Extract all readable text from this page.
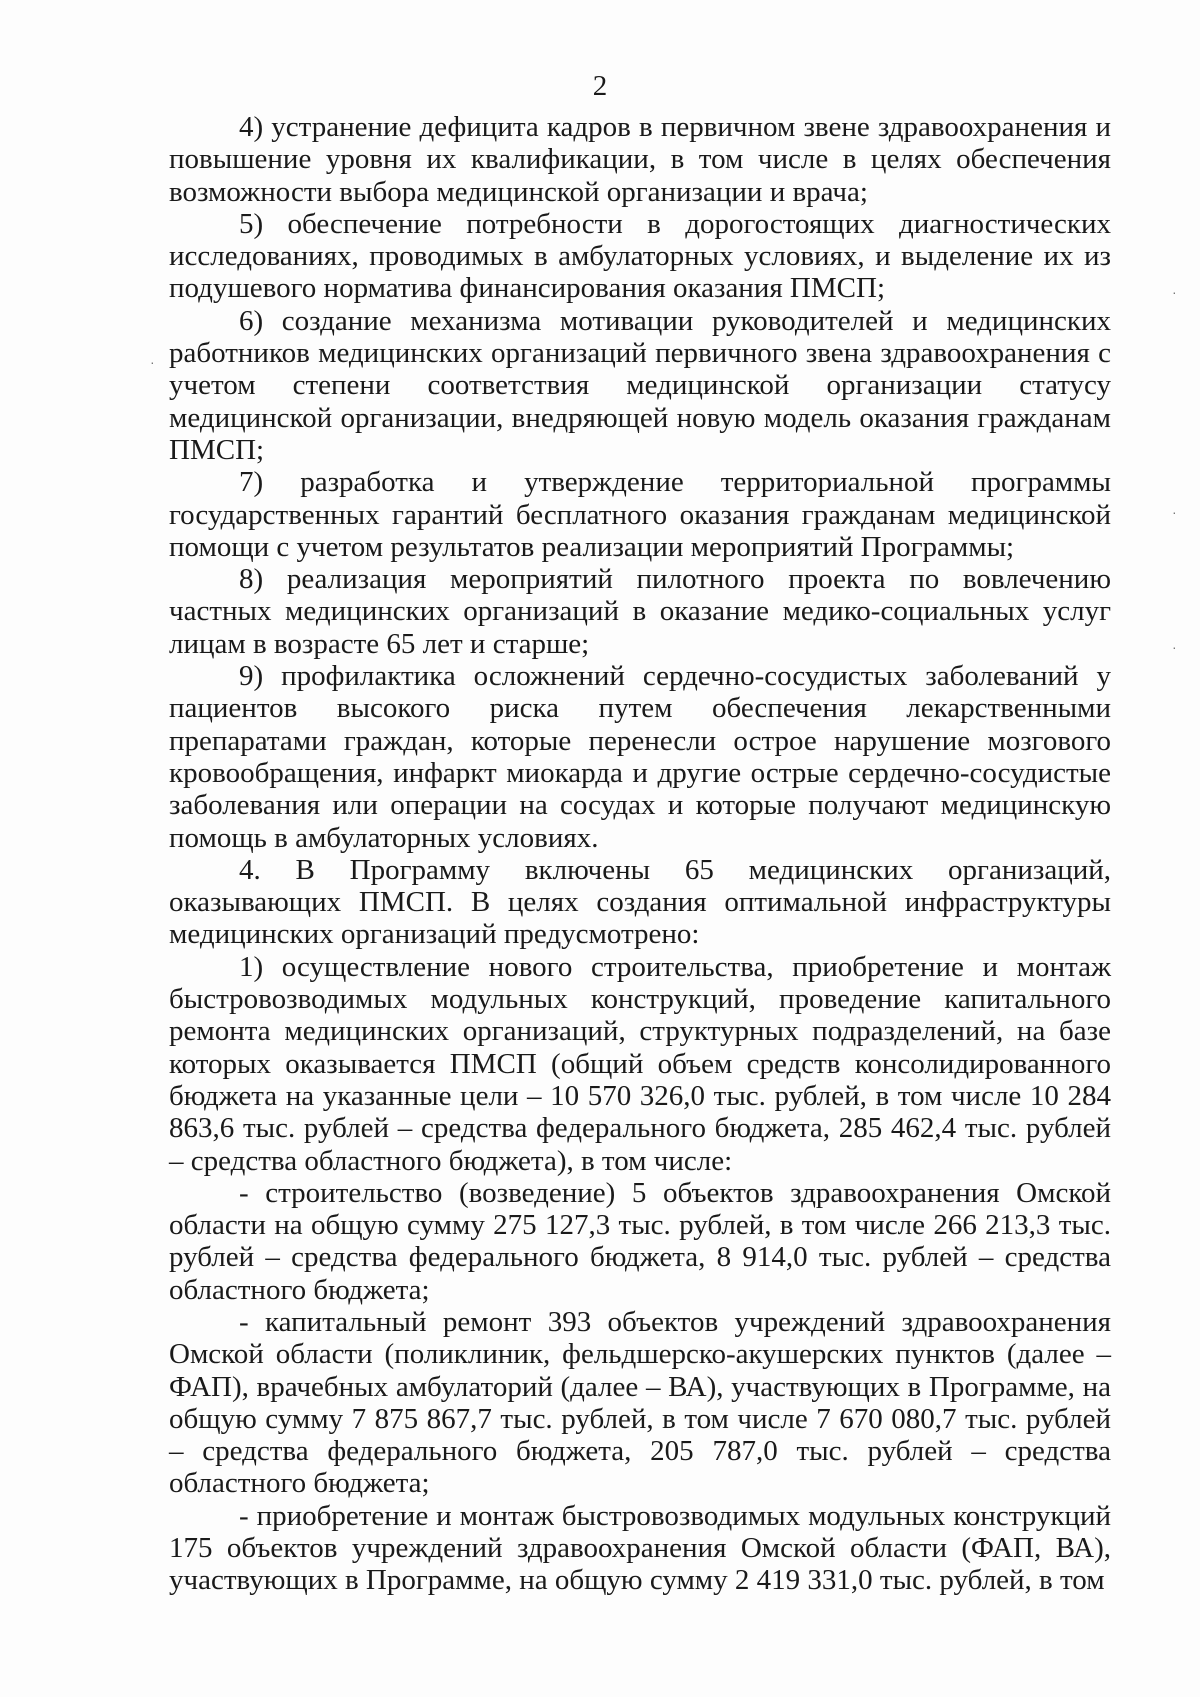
2

4) устранение дефицита кадров в первичном звене здравоохранения и повышение уровня их квалификации, в том числе в целях обеспечения возможности выбора медицинской организации и врача;

5) обеспечение потребности в дорогостоящих диагностических исследованиях, проводимых в амбулаторных условиях, и выделение их из подушевого норматива финансирования оказания ПМСП;

6) создание механизма мотивации руководителей и медицинских работников медицинских организаций первичного звена здравоохранения с учетом степени соответствия медицинской организации статусу медицинской организации, внедряющей новую модель оказания гражданам ПМСП;

7) разработка и утверждение территориальной программы государственных гарантий бесплатного оказания гражданам медицинской помощи с учетом результатов реализации мероприятий Программы;

8) реализация мероприятий пилотного проекта по вовлечению частных медицинских организаций в оказание медико-социальных услуг лицам в возрасте 65 лет и старше;

9) профилактика осложнений сердечно-сосудистых заболеваний у пациентов высокого риска путем обеспечения лекарственными препаратами граждан, которые перенесли острое нарушение мозгового кровообращения, инфаркт миокарда и другие острые сердечно-сосудистые заболевания или операции на сосудах и которые получают медицинскую помощь в амбулаторных условиях.

4. В Программу включены 65 медицинских организаций, оказывающих ПМСП. В целях создания оптимальной инфраструктуры медицинских организаций предусмотрено:

1) осуществление нового строительства, приобретение и монтаж быстровозводимых модульных конструкций, проведение капитального ремонта медицинских организаций, структурных подразделений, на базе которых оказывается ПМСП (общий объем средств консолидированного бюджета на указанные цели – 10 570 326,0 тыс. рублей, в том числе 10 284 863,6 тыс. рублей – средства федерального бюджета, 285 462,4 тыс. рублей – средства областного бюджета), в том числе:

- строительство (возведение) 5 объектов здравоохранения Омской области на общую сумму 275 127,3 тыс. рублей, в том числе 266 213,3 тыс. рублей – средства федерального бюджета, 8 914,0 тыс. рублей – средства областного бюджета;

- капитальный ремонт 393 объектов учреждений здравоохранения Омской области (поликлиник, фельдшерско-акушерских пунктов (далее – ФАП), врачебных амбулаторий (далее – ВА), участвующих в Программе, на общую сумму 7 875 867,7 тыс. рублей, в том числе 7 670 080,7 тыс. рублей – средства федерального бюджета, 205 787,0 тыс. рублей – средства областного бюджета;

- приобретение и монтаж быстровозводимых модульных конструкций 175 объектов учреждений здравоохранения Омской области (ФАП, ВА), участвующих в Программе, на общую сумму 2 419 331,0 тыс. рублей, в том

·
·
·
·
